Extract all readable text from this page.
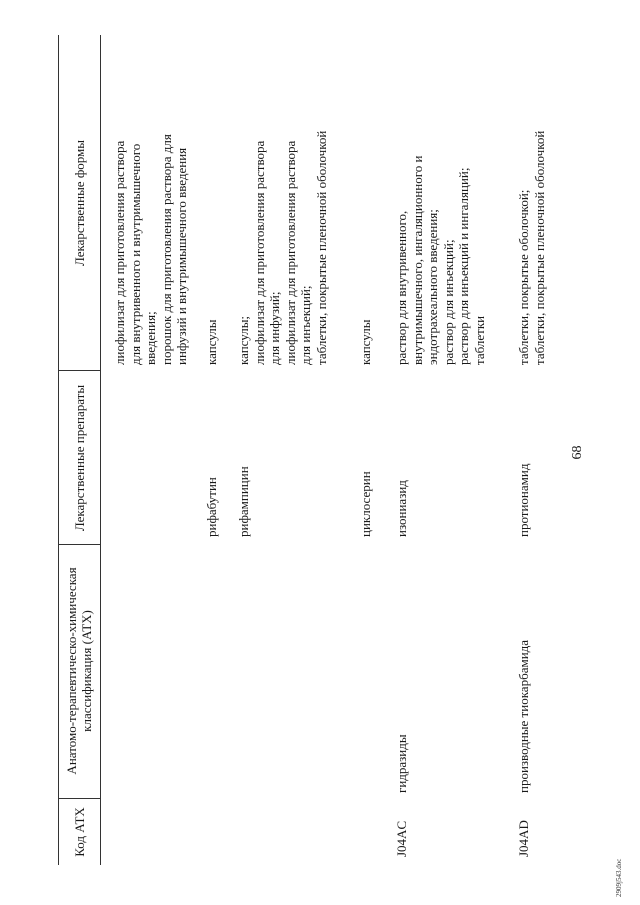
68
Код АТХ
Анатомо-терапевтическо-химическая классификация (АТХ)
Лекарственные препараты
Лекарственные формы
лиофилизат для приготовления раствора
для внутривенного и внутримышечного
введения;
порошок для приготовления раствора для
инфузий и внутримышечного введения
рифабутин
капсулы
рифампицин
капсулы;
лиофилизат для приготовления раствора
для инфузий;
лиофилизат для приготовления раствора
для инъекций;
таблетки, покрытые пленочной оболочкой
циклосерин
капсулы
J04AC
гидразиды
изониазид
раствор для внутривенного,
внутримышечного, ингаляционного и
эндотрахеального введения;
раствор для инъекций;
раствор для инъекций и ингаляций;
таблетки
J04AD
производные тиокарбамида
протионамид
таблетки, покрытые оболочкой;
таблетки, покрытые пленочной оболочкой
2909j543.doc
